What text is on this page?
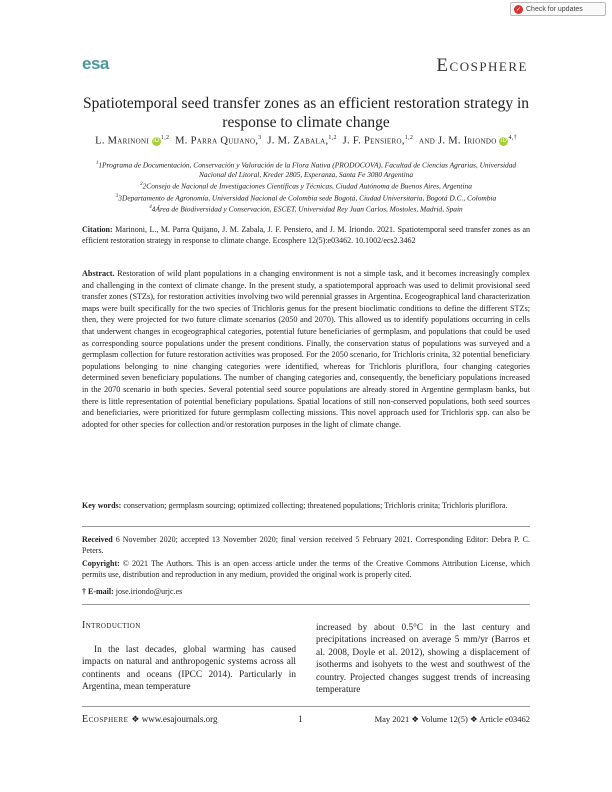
✓ Check for updates
esa	Ecosphere
Spatiotemporal seed transfer zones as an efficient restoration strategy in response to climate change
L. Marinoni iD$^{1,2}$  M. Parra Quijano,$^3$  J. M. Zabala,$^{1,2}$  J. F. Pensiero,$^{1,2}$  and J. M. Iriondo $iD^{4,\dagger}$
$^1$1Programa de Documentación, Conservación y Valoración de la Flora Nativa (PRODOCOVA), Facultad de Ciencias Agrarias, Universidad Nacional del Litoral, Kreder 2805, Esperanza, Santa Fe 3080 Argentina
$^2$2Consejo de Nacional de Investigaciones Científicas y Técnicas, Ciudad Autónoma de Buenos Aires, Argentina
$^3$3Departamento de Agronomía, Universidad Nacional de Colombia sede Bogotá, Ciudad Universitaria, Bogotá D.C., Colombia
$^4$4Área de Biodiversidad y Conservación, ESCET, Universidad Rey Juan Carlos, Mostoles, Madrid, Spain
Citation: Marinoni, L., M. Parra Quijano, J. M. Zabala, J. F. Pensiero, and J. M. Iriondo. 2021. Spatiotemporal seed transfer zones as an efficient restoration strategy in response to climate change. Ecosphere 12(5):e03462. 10.1002/ecs2.3462
Abstract. Restoration of wild plant populations in a changing environment is not a simple task, and it becomes increasingly complex and challenging in the context of climate change. In the present study, a spatiotemporal approach was used to delimit provisional seed transfer zones (STZs), for restoration activities involving two wild perennial grasses in Argentina. Ecogeographical land characterization maps were built specifically for the two species of Trichloris genus for the present bioclimatic conditions to define the different STZs; then, they were projected for two future climate scenarios (2050 and 2070). This allowed us to identify populations occurring in cells that underwent changes in ecogeographical categories, potential future beneficiaries of germplasm, and populations that could be used as corresponding source populations under the present conditions. Finally, the conservation status of populations was surveyed and a germplasm collection for future restoration activities was proposed. For the 2050 scenario, for Trichloris crinita, 32 potential beneficiary populations belonging to nine changing categories were identified, whereas for Trichloris pluriflora, four changing categories determined seven beneficiary populations. The number of changing categories and, consequently, the beneficiary populations increased in the 2070 scenario in both species. Several potential seed source populations are already stored in Argentine germplasm banks, but there is little representation of potential beneficiary populations. Spatial locations of still non-conserved populations, both seed sources and beneficiaries, were prioritized for future germplasm collecting missions. This novel approach used for Trichloris spp. can also be adopted for other species for collection and/or restoration purposes in the light of climate change.
Key words: conservation; germplasm sourcing; optimized collecting; threatened populations; Trichloris crinita; Trichloris pluriflora.
Received 6 November 2020; accepted 13 November 2020; final version received 5 February 2021. Corresponding Editor: Debra P. C. Peters.
Copyright: © 2021 The Authors. This is an open access article under the terms of the Creative Commons Attribution License, which permits use, distribution and reproduction in any medium, provided the original work is properly cited.
† E-mail: jose.iriondo@urjc.es
Introduction
In the last decades, global warming has caused impacts on natural and anthropogenic systems across all continents and oceans (IPCC 2014). Particularly in Argentina, mean temperature
increased by about 0.5°C in the last century and precipitations increased on average 5 mm/yr (Barros et al. 2008, Doyle et al. 2012), showing a displacement of isotherms and isohyets to the west and southwest of the country. Projected changes suggest trends of increasing temperature
Ecosphere ❖ www.esajournals.org	1	May 2021 ❖ Volume 12(5) ❖ Article e03462
